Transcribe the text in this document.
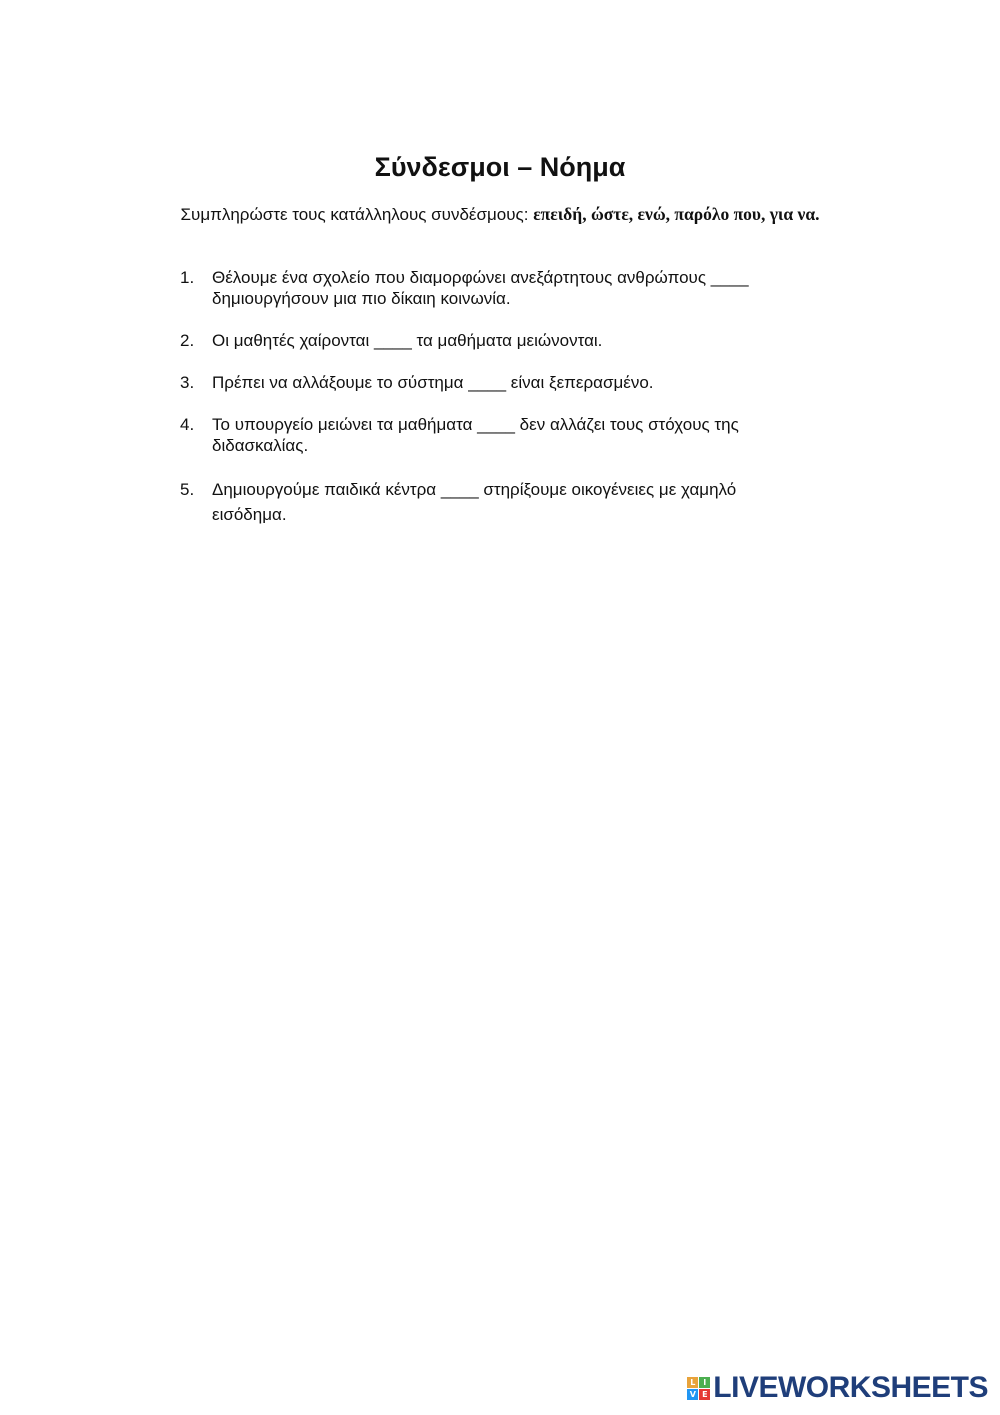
Σύνδεσμοι – Νόημα
Συμπληρώστε τους κατάλληλους συνδέσμους: επειδή, ώστε, ενώ, παρόλο που, για να.
1. Θέλουμε ένα σχολείο που διαμορφώνει ανεξάρτητους ανθρώπους ____ δημιουργήσουν μια πιο δίκαιη κοινωνία.
2. Οι μαθητές χαίρονται ____ τα μαθήματα μειώνονται.
3. Πρέπει να αλλάξουμε το σύστημα ____ είναι ξεπερασμένο.
4. Το υπουργείο μειώνει τα μαθήματα ____ δεν αλλάζει τους στόχους της διδασκαλίας.
5. Δημιουργούμε παιδικά κέντρα ____ στηρίξουμε οικογένειες με χαμηλό εισόδημα.
L I
V E LIVEWORKSHEETS
